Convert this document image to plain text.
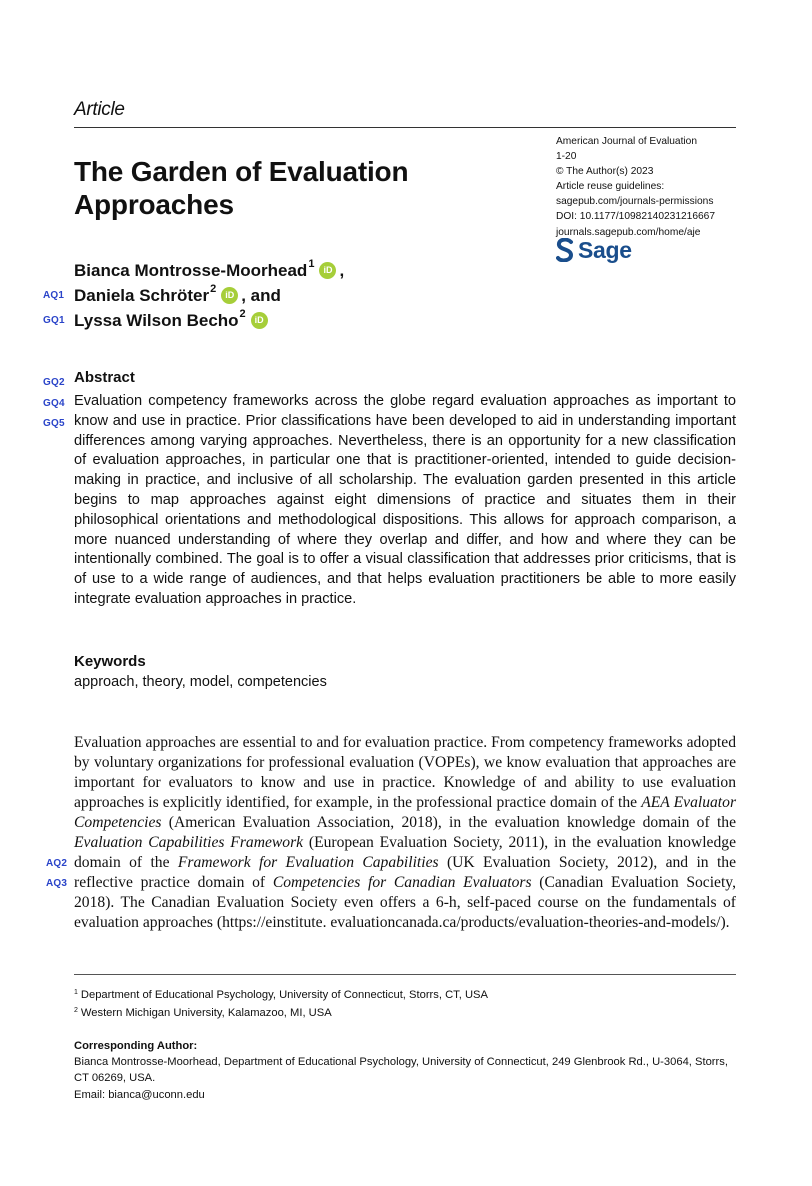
Article
The Garden of Evaluation Approaches
American Journal of Evaluation
1-20
© The Author(s) 2023
Article reuse guidelines:
sagepub.com/journals-permissions
DOI: 10.1177/10982140231216667
journals.sagepub.com/home/aje
Sage
Bianca Montrosse-Moorhead 1	iD ,
Daniela Schröter 2	iD , and
Lyssa Wilson Becho 2	iD
AQ1
GQ1
GQ2
GQ4
GQ5
Abstract
Evaluation competency frameworks across the globe regard evaluation approaches as important to know and use in practice. Prior classifications have been developed to aid in understanding important differences among varying approaches. Nevertheless, there is an opportunity for a new classification of evaluation approaches, in particular one that is practitioner-oriented, intended to guide decision-making in practice, and inclusive of all scholarship. The evaluation garden presented in this article begins to map approaches against eight dimensions of practice and situates them in their philosophical orientations and methodological dispositions. This allows for approach comparison, a more nuanced understanding of where they overlap and differ, and how and where they can be intentionally combined. The goal is to offer a visual classification that addresses prior criticisms, that is of use to a wide range of audiences, and that helps evaluation practitioners be able to more easily integrate evaluation approaches in practice.
Keywords
approach, theory, model, competencies
AQ2
AQ3
Evaluation approaches are essential to and for evaluation practice. From competency frameworks adopted by voluntary organizations for professional evaluation (VOPEs), we know evaluation that approaches are important for evaluators to know and use in practice. Knowledge of and ability to use evaluation approaches is explicitly identified, for example, in the professional practice domain of the AEA Evaluator Competencies (American Evaluation Association, 2018), in the evaluation knowledge domain of the Evaluation Capabilities Framework (European Evaluation Society, 2011), in the evaluation knowledge domain of the Framework for Evaluation Capabilities (UK Evaluation Society, 2012), and in the reflective practice domain of Competencies for Canadian Evaluators (Canadian Evaluation Society, 2018). The Canadian Evaluation Society even offers a 6-h, self-paced course on the fundamentals of evaluation approaches (https://einstitute. evaluationcanada.ca/products/evaluation-theories-and-models/).
$^1$ Department of Educational Psychology, University of Connecticut, Storrs, CT, USA
$^2$ Western Michigan University, Kalamazoo, MI, USA
Corresponding Author:
Bianca Montrosse-Moorhead, Department of Educational Psychology, University of Connecticut, 249 Glenbrook Rd., U-3064, Storrs, CT 06269, USA.
Email: bianca@uconn.edu
